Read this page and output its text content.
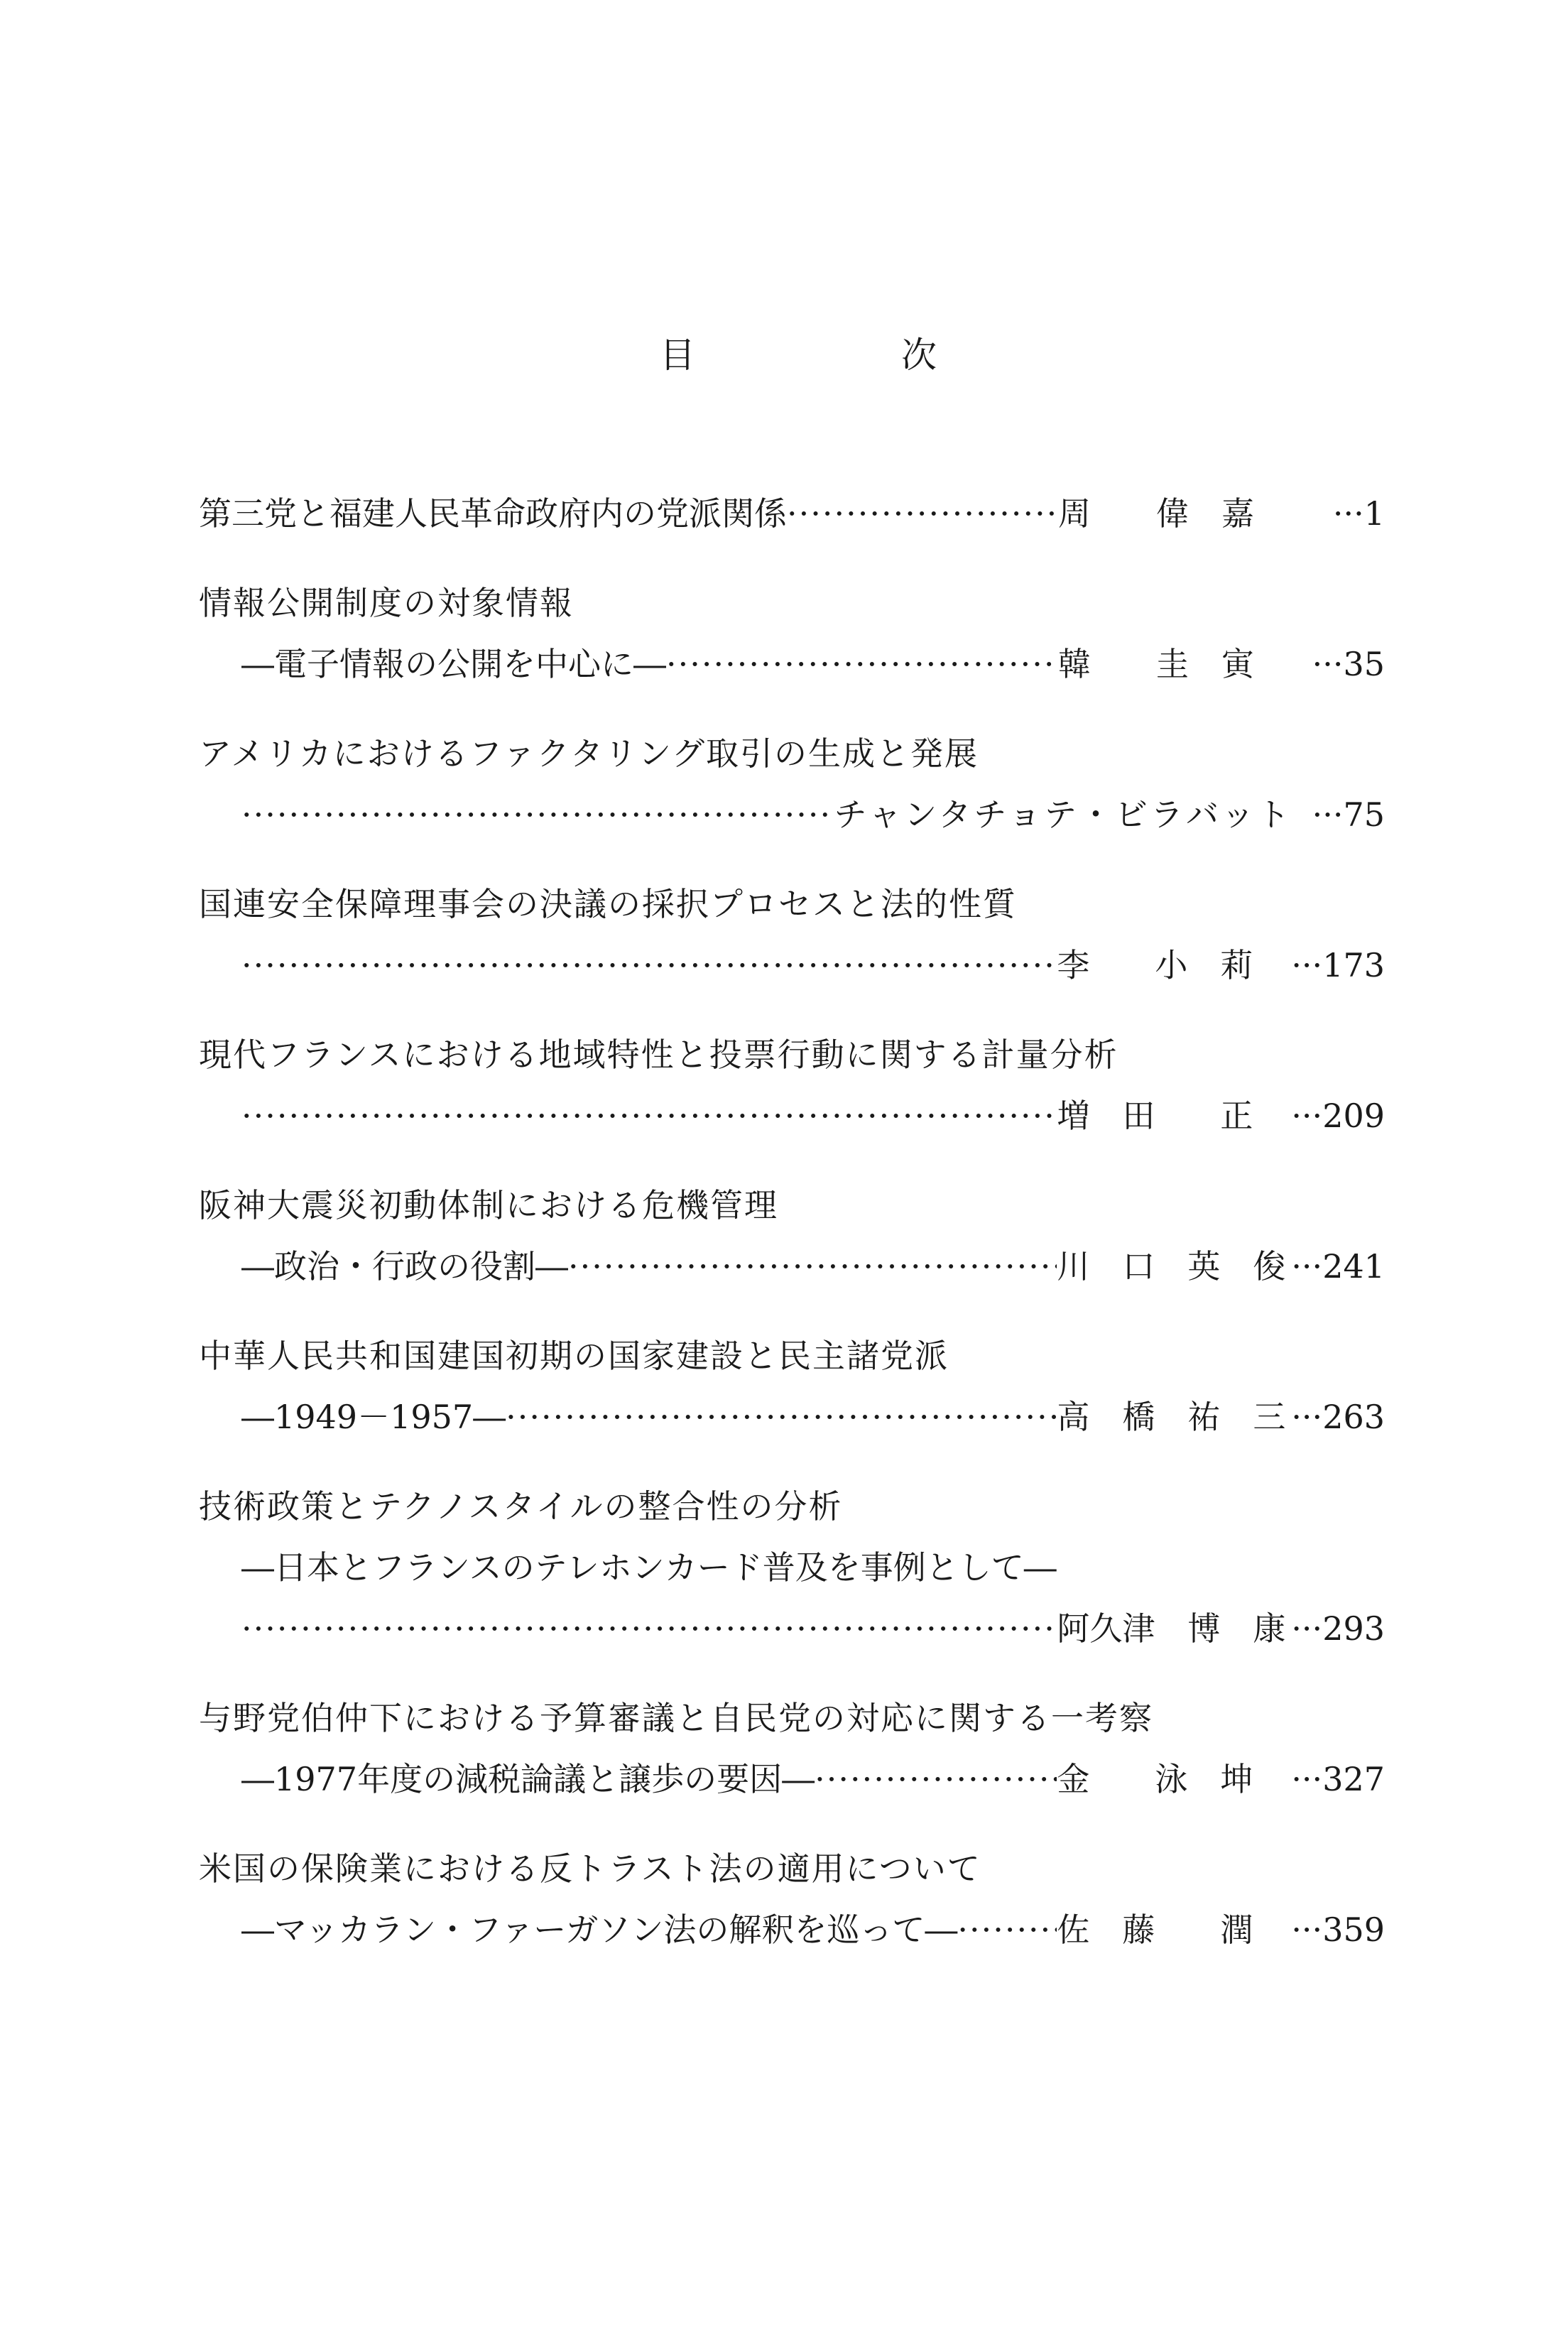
目　次
第三党と福建人民革命政府内の党派関係 ·····	周　　偉　嘉	··· 1
情報公開制度の対象情報
―電子情報の公開を中心に― ·····	韓　　圭　寅	··· 35
アメリカにおけるファクタリング取引の生成と発展
·····
チャンタチョテ・ビラバット	··· 75
国連安全保障理事会の決議の採択プロセスと法的性質
·····
李　　小　莉	··· 173
現代フランスにおける地域特性と投票行動に関する計量分析
·····
増　田　　正	··· 209
阪神大震災初動体制における危機管理
―政治・行政の役割― ·····	川　口　英　俊	··· 241
中華人民共和国建国初期の国家建設と民主諸党派
―1949－1957― ·····	高　橋　祐　三	··· 263
技術政策とテクノスタイルの整合性の分析
―日本とフランスのテレホンカード普及を事例として―
·····
阿久津　博　康	··· 293
与野党伯仲下における予算審議と自民党の対応に関する一考察
―1977年度の減税論議と譲歩の要因― ·····	金　　泳　坤	··· 327
米国の保険業における反トラスト法の適用について
―マッカラン・ファーガソン法の解釈を巡って― ·····	佐　藤　　潤	··· 359
